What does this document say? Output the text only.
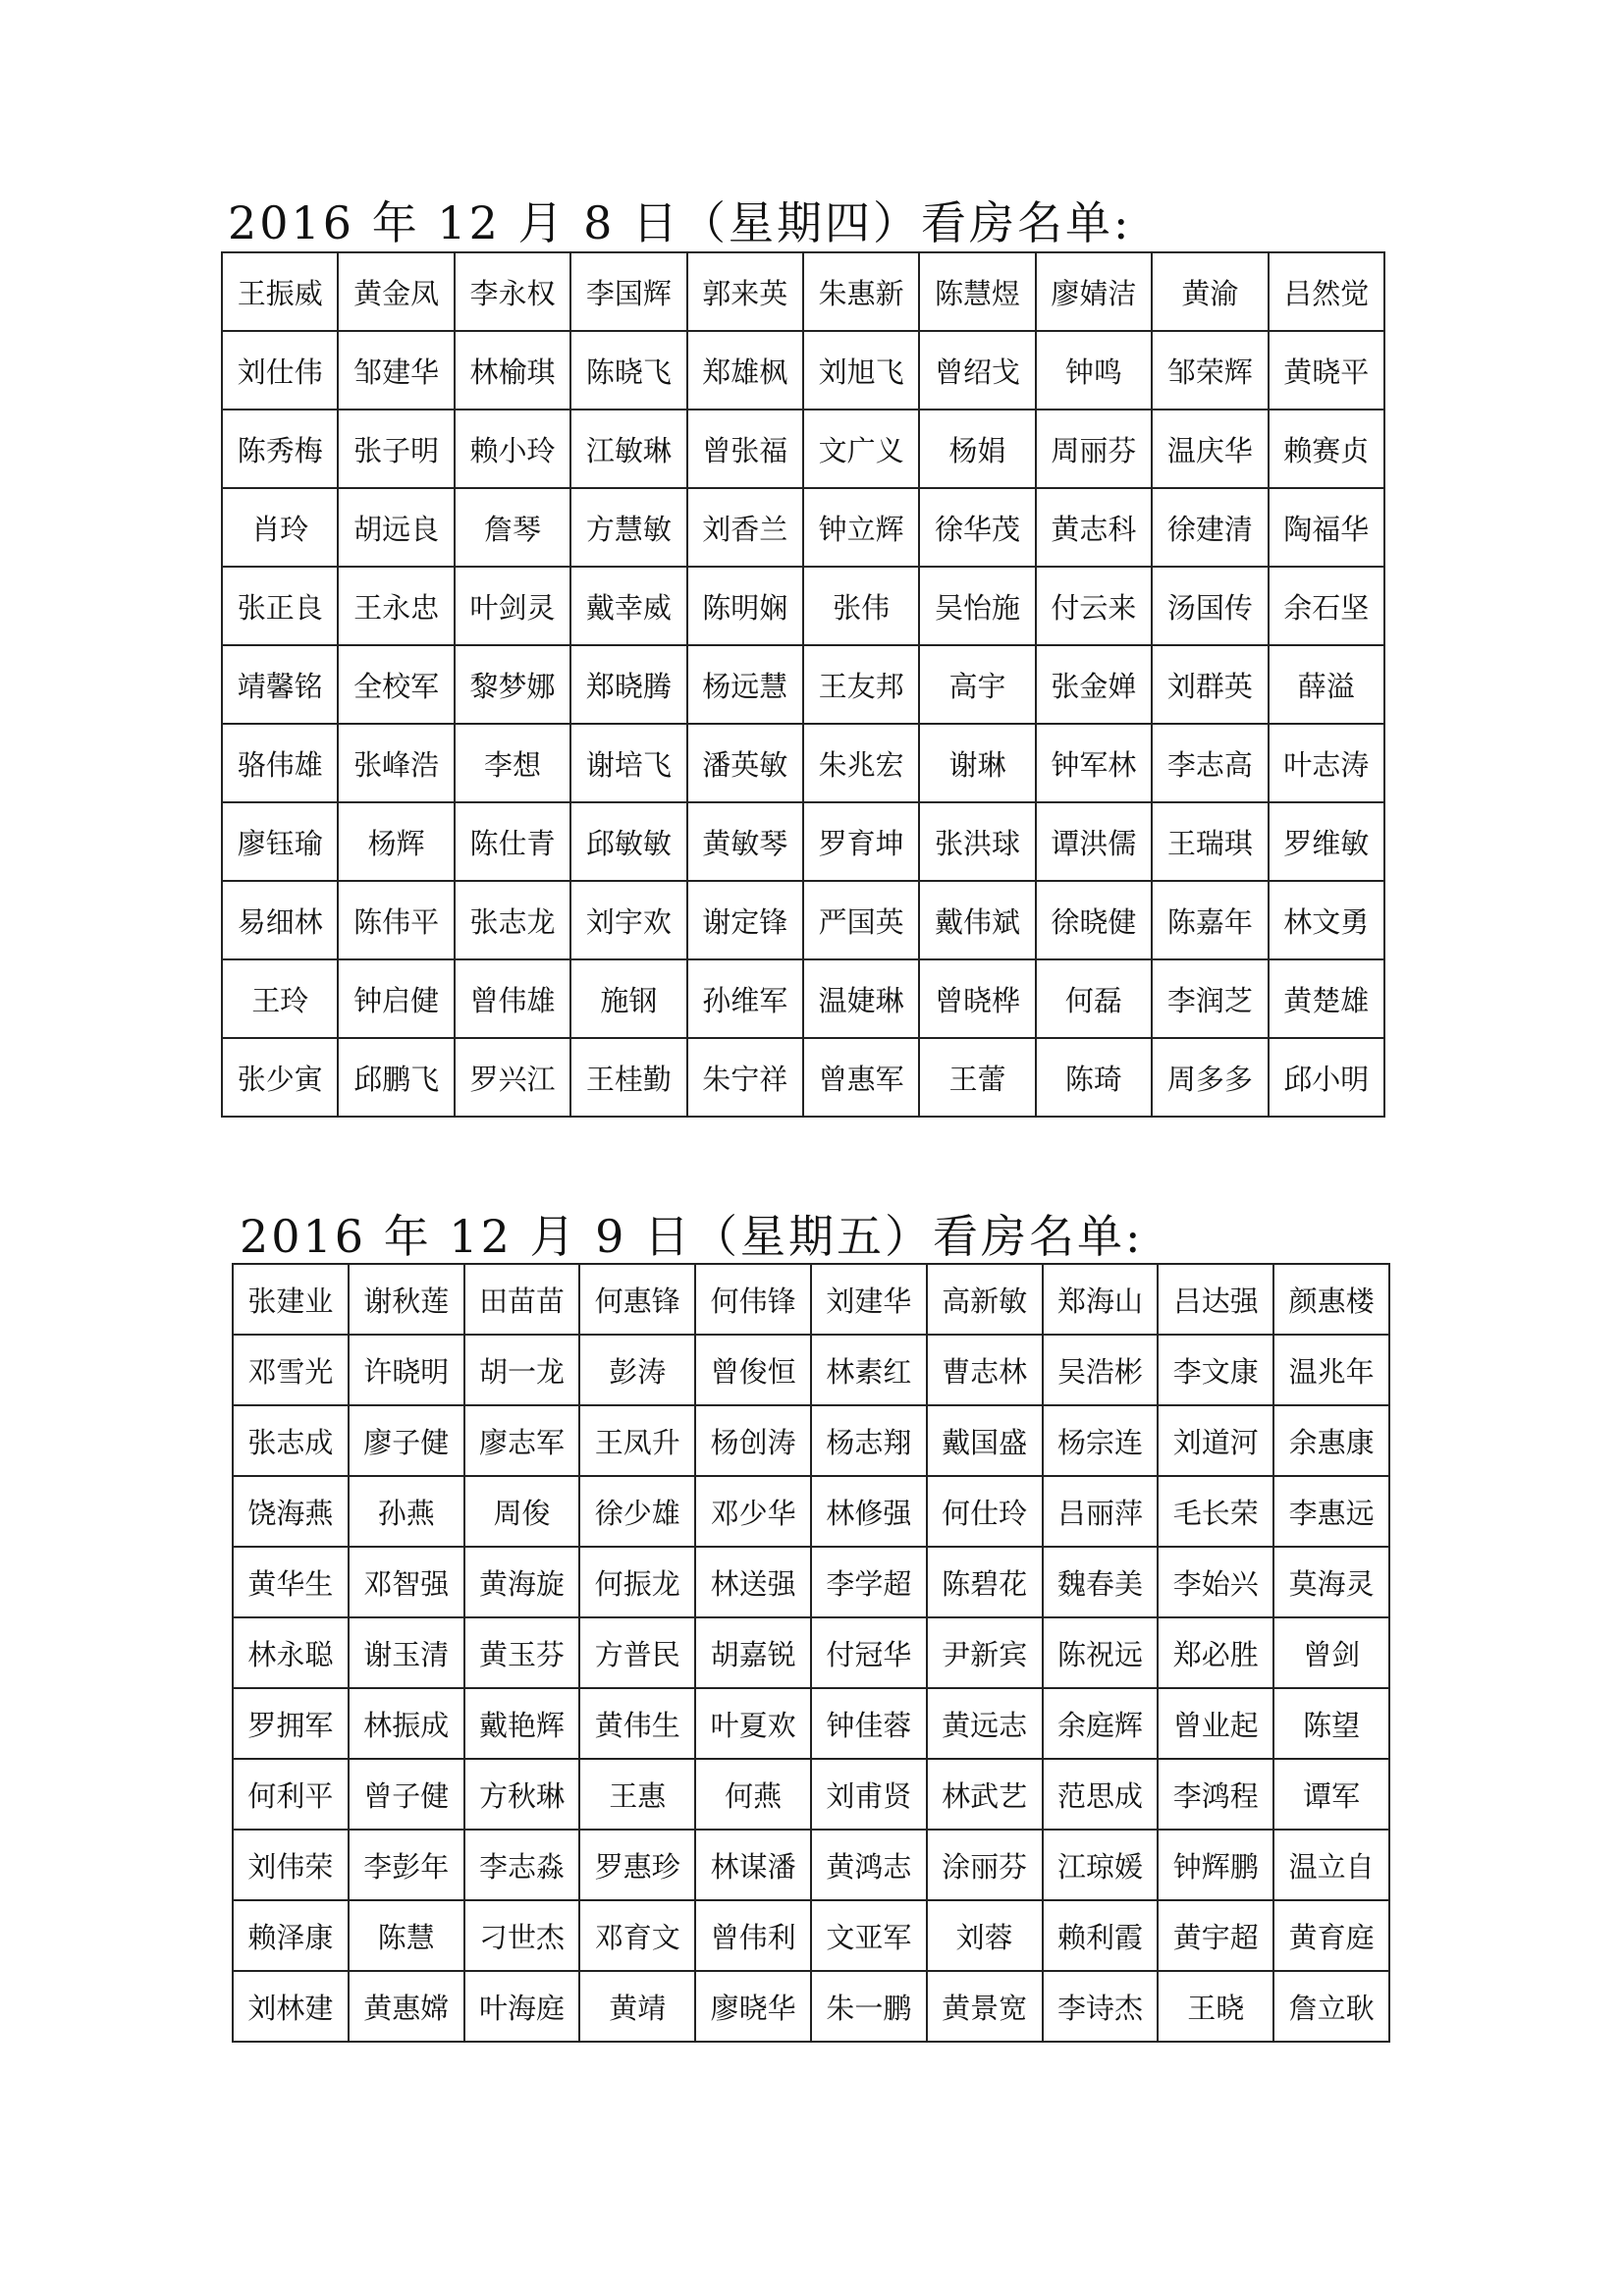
2016 年 12 月 8 日（星期四）看房名单:
王振威	黄金凤	李永权	李国辉	郭来英	朱惠新	陈慧煜	廖婧洁	黄渝	吕然觉
刘仕伟	邹建华	林榆琪	陈晓飞	郑雄枫	刘旭飞	曾绍戈	钟鸣	邹荣辉	黄晓平
陈秀梅	张子明	赖小玲	江敏琳	曾张福	文广义	杨娟	周丽芬	温庆华	赖赛贞
肖玲	胡远良	詹琴	方慧敏	刘香兰	钟立辉	徐华茂	黄志科	徐建清	陶福华
张正良	王永忠	叶剑灵	戴幸威	陈明娴	张伟	吴怡施	付云来	汤国传	余石坚
靖馨铭	全校军	黎梦娜	郑晓腾	杨远慧	王友邦	高宇	张金婵	刘群英	薛溢
骆伟雄	张峰浩	李想	谢培飞	潘英敏	朱兆宏	谢琳	钟军林	李志高	叶志涛
廖钰瑜	杨辉	陈仕青	邱敏敏	黄敏琴	罗育坤	张洪球	谭洪儒	王瑞琪	罗维敏
易细林	陈伟平	张志龙	刘宇欢	谢定锋	严国英	戴伟斌	徐晓健	陈嘉年	林文勇
王玲	钟启健	曾伟雄	施钢	孙维军	温婕琳	曾晓桦	何磊	李润芝	黄楚雄
张少寅	邱鹏飞	罗兴江	王桂勤	朱宁祥	曾惠军	王蕾	陈琦	周多多	邱小明
2016 年 12 月 9 日（星期五）看房名单:
张建业	谢秋莲	田苗苗	何惠锋	何伟锋	刘建华	高新敏	郑海山	吕达强	颜惠楼
邓雪光	许晓明	胡一龙	彭涛	曾俊恒	林素红	曹志林	吴浩彬	李文康	温兆年
张志成	廖子健	廖志军	王凤升	杨创涛	杨志翔	戴国盛	杨宗连	刘道河	余惠康
饶海燕	孙燕	周俊	徐少雄	邓少华	林修强	何仕玲	吕丽萍	毛长荣	李惠远
黄华生	邓智强	黄海旋	何振龙	林送强	李学超	陈碧花	魏春美	李始兴	莫海灵
林永聪	谢玉清	黄玉芬	方普民	胡嘉锐	付冠华	尹新宾	陈祝远	郑必胜	曾剑
罗拥军	林振成	戴艳辉	黄伟生	叶夏欢	钟佳蓉	黄远志	余庭辉	曾业起	陈望
何利平	曾子健	方秋琳	王惠	何燕	刘甫贤	林武艺	范思成	李鸿程	谭军
刘伟荣	李彭年	李志淼	罗惠珍	林谋潘	黄鸿志	涂丽芬	江琼媛	钟辉鹏	温立自
赖泽康	陈慧	刁世杰	邓育文	曾伟利	文亚军	刘蓉	赖利霞	黄宇超	黄育庭
刘林建	黄惠嫦	叶海庭	黄靖	廖晓华	朱一鹏	黄景宽	李诗杰	王晓	詹立耿
